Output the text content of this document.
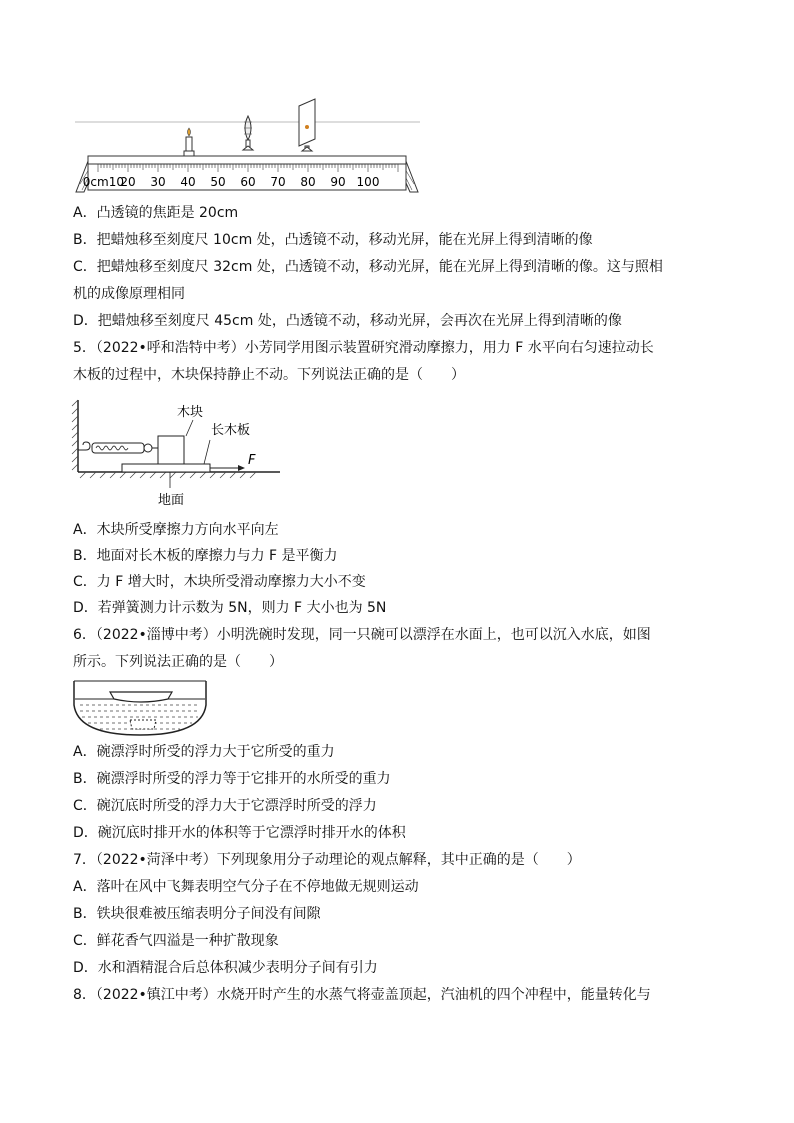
0cm10
20 30 40 50 60 70 80 90 100
A．凸透镜的焦距是 20cm
B．把蜡烛移至刻度尺 10cm 处，凸透镜不动，移动光屏，能在光屏上得到清晰的像
C．把蜡烛移至刻度尺 32cm 处，凸透镜不动，移动光屏，能在光屏上得到清晰的像。这与照相
机的成像原理相同
D．把蜡烛移至刻度尺 45cm 处，凸透镜不动，移动光屏，会再次在光屏上得到清晰的像
5．（2022•呼和浩特中考）小芳同学用图示装置研究滑动摩擦力，用力 F 水平向右匀速拉动长
木板的过程中，木块保持静止不动。下列说法正确的是（　　）
木块
长木板
F
地面
A．木块所受摩擦力方向水平向左
B．地面对长木板的摩擦力与力 F 是平衡力
C．力 F 增大时，木块所受滑动摩擦力大小不变
D．若弹簧测力计示数为 5N，则力 F 大小也为 5N
6．（2022•淄博中考）小明洗碗时发现，同一只碗可以漂浮在水面上，也可以沉入水底，如图
所示。下列说法正确的是（　　）
A．碗漂浮时所受的浮力大于它所受的重力
B．碗漂浮时所受的浮力等于它排开的水所受的重力
C．碗沉底时所受的浮力大于它漂浮时所受的浮力
D．碗沉底时排开水的体积等于它漂浮时排开水的体积
7．（2022•菏泽中考）下列现象用分子动理论的观点解释，其中正确的是（　　）
A．落叶在风中飞舞表明空气分子在不停地做无规则运动
B．铁块很难被压缩表明分子间没有间隙
C．鲜花香气四溢是一种扩散现象
D．水和酒精混合后总体积减少表明分子间有引力
8．（2022•镇江中考）水烧开时产生的水蒸气将壶盖顶起，汽油机的四个冲程中，能量转化与
